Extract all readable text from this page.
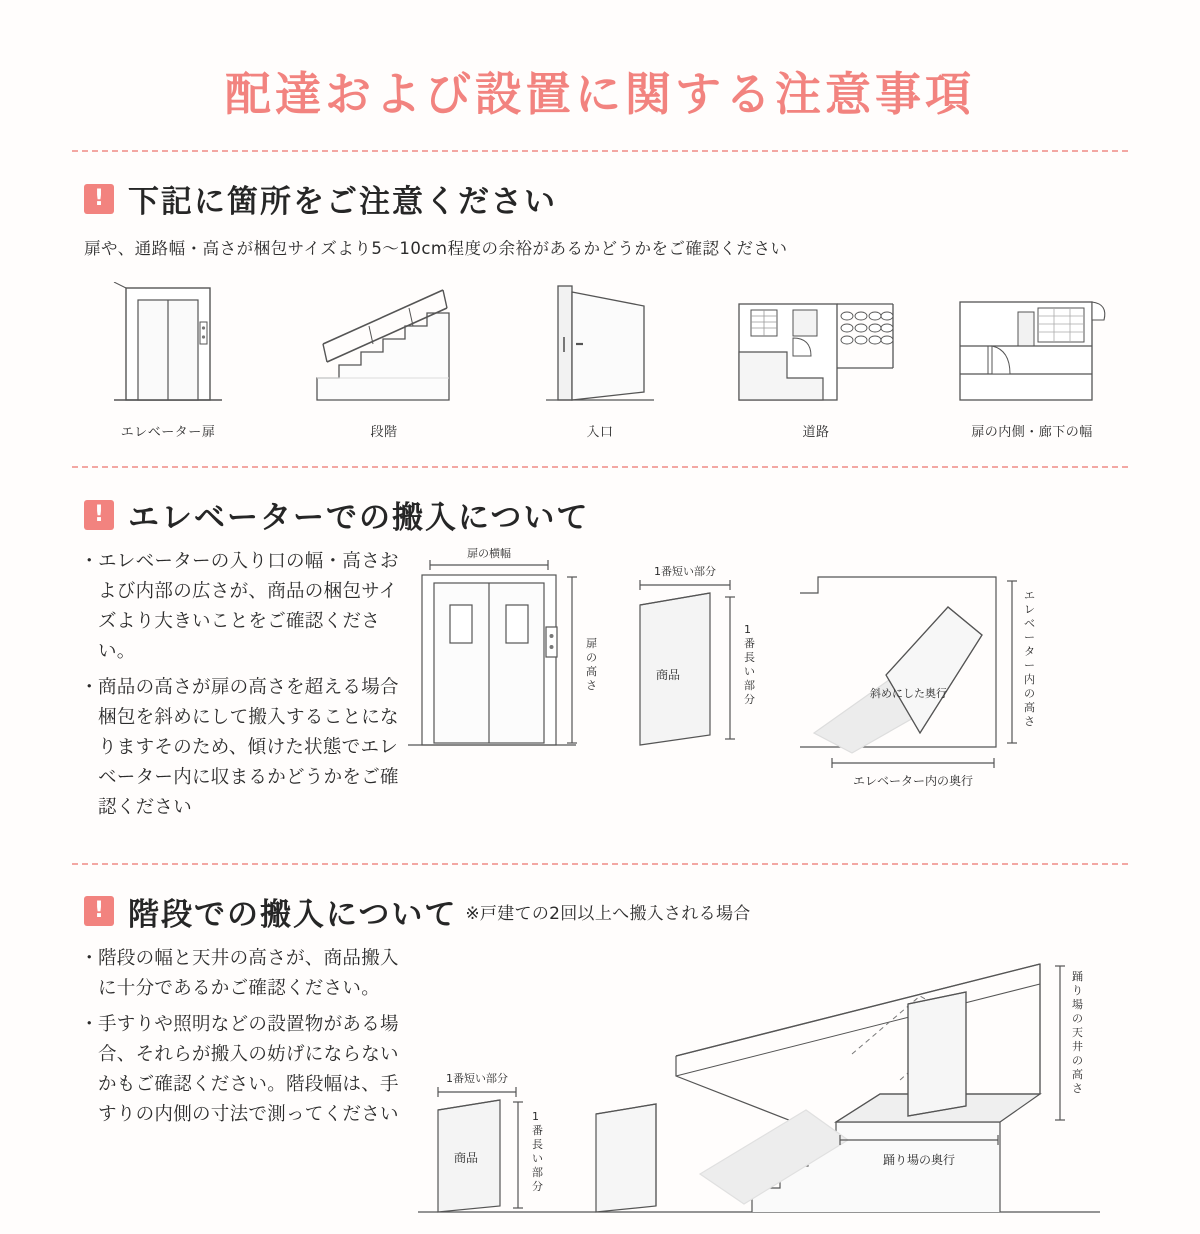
配達および設置に関する注意事項
! 下記に箇所をご注意ください
扉や、通路幅・高さが梱包サイズより5〜10cm程度の余裕があるかどうかをご確認ください
エレベーター扉	段階	入口	道路	扉の内側・廊下の幅
! エレベーターでの搬入について
・ エレベーターの入り口の幅・高さおよび内部の広さが、商品の梱包サイズより大きいことをご確認ください。
・ 商品の高さが扉の高さを超える場合梱包を斜めにして搬入することになりますそのため、傾けた状態でエレベーター内に収まるかどうかをご確認ください
扉の横幅
扉
の
高
さ
1番短い部分
商品
1
番
長
い
部
分	斜めにした奥行
エ
レ
ベ
ー
タ
ー
内
の
高
さ
エレベーター内の奥行
! 階段での搬入について ※戸建ての2回以上へ搬入される場合
・ 階段の幅と天井の高さが、商品搬入に十分であるかご確認ください。
・ 手すりや照明などの設置物がある場合、それらが搬入の妨げにならないかもご確認ください。階段幅は、手すりの内側の寸法で測ってください
1番短い部分
商品
1
番
長
い
部
分
踊
り
場
の
天
井
の
高
さ
踊り場の奥行
